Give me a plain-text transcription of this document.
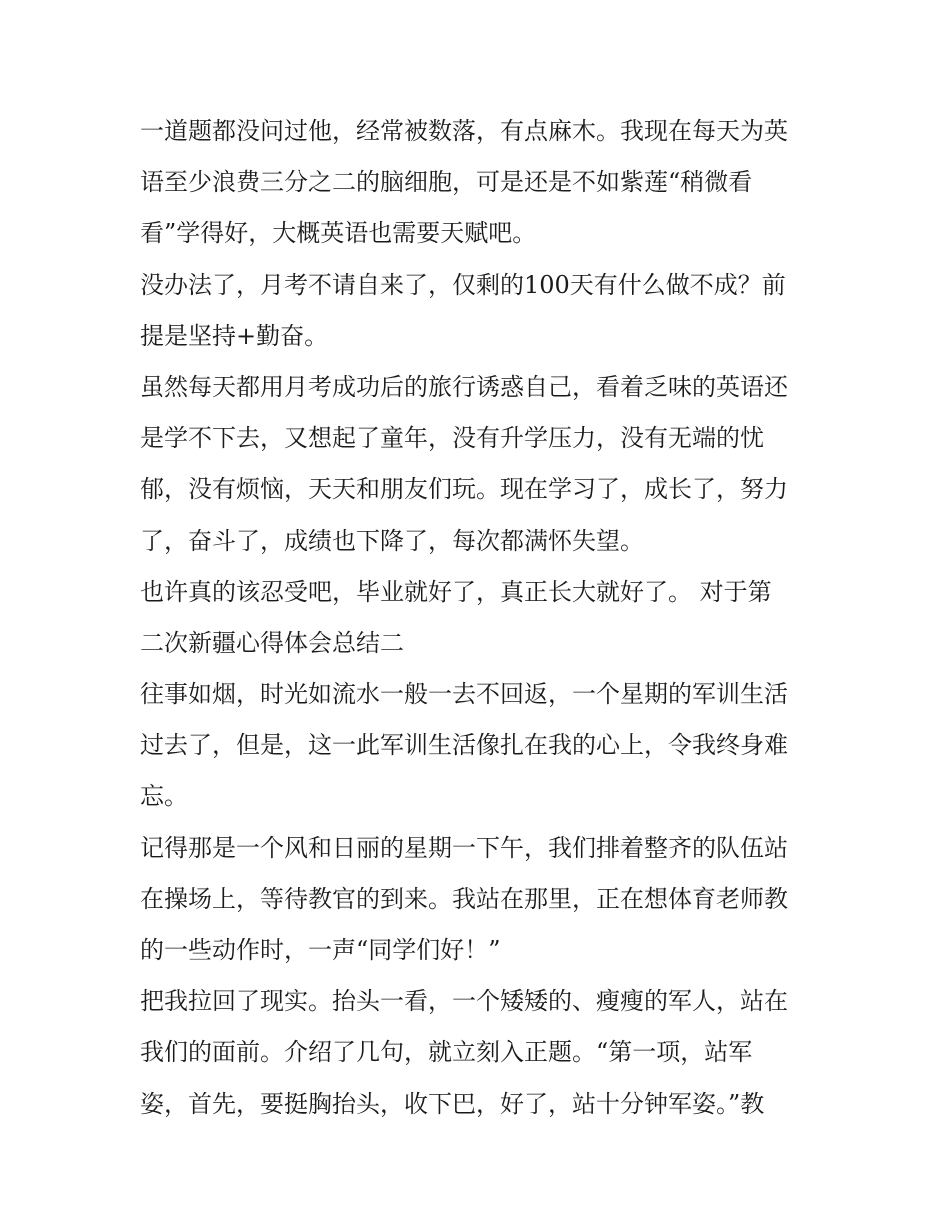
一道题都没问过他，经常被数落，有点麻木。我现在每天为英
语至少浪费三分之二的脑细胞，可是还是不如紫莲“稍微看
看”学得好，大概英语也需要天赋吧。
没办法了，月考不请自来了，仅剩的100天有什么做不成？前
提是坚持+勤奋。
虽然每天都用月考成功后的旅行诱惑自己，看着乏味的英语还
是学不下去，又想起了童年，没有升学压力，没有无端的忧
郁，没有烦恼，天天和朋友们玩。现在学习了，成长了，努力
了，奋斗了，成绩也下降了，每次都满怀失望。
也许真的该忍受吧，毕业就好了，真正长大就好了。 对于第
二次新疆心得体会总结二
往事如烟，时光如流水一般一去不回返，一个星期的军训生活
过去了，但是，这一此军训生活像扎在我的心上，令我终身难
忘。
记得那是一个风和日丽的星期一下午，我们排着整齐的队伍站
在操场上，等待教官的到来。我站在那里，正在想体育老师教
的一些动作时，一声“同学们好！”
把我拉回了现实。抬头一看，一个矮矮的、瘦瘦的军人，站在
我们的面前。介绍了几句，就立刻入正题。“第一项，站军
姿，首先，要挺胸抬头，收下巴，好了，站十分钟军姿。”教
